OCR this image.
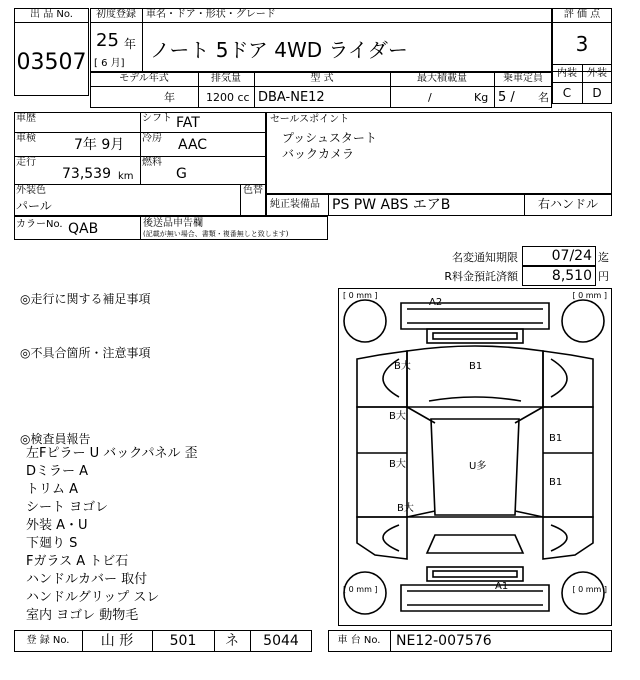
出 品 No.
03507
初度登録	車名・ドア・形状・グレード
25 年
[ 6 月]
ノート 5ドア 4WD ライダー
評 価 点
3
内装	外装
C	D
モデル年式	排気量	型 式	最大積載量	乗車定員
年	1200 cc DBA-NE12	/	Kg 5 / 名
車歴	シフト FAT
車検	7年 9月 冷房 AAC
走行
73,539 km
燃料
G
外装色
パール
色替
カラーNo. QAB	後送品申告欄
(記載が無い場合、書類・複番無しと致します)
セールスポイント
プッシュスタート
バックカメラ
純正装備品 PS PW ABS エアB	右ハンドル
名変通知期限	07/24 迄
R料金預託済額	8,510 円
◎走行に関する補足事項
◎不具合箇所・注意事項
◎検査員報告
左Fピラー U バックパネル 歪
Dミラー A
トリム A
シート ヨゴレ
外装 A・U
下廻り S
Fガラス A トビ石
ハンドルカバー 取付
ハンドルグリップ スレ
室内 ヨゴレ 動物毛
[ 0 mm ]	[ 0 mm ]
[ 0 mm ]	[ 0 mm ]
A2
B1
B大
B大
B1
B大	U多
B1
B大
A1
登 録 No.	山 形	501	ネ	5044	車 台 No.	NE12-007576
